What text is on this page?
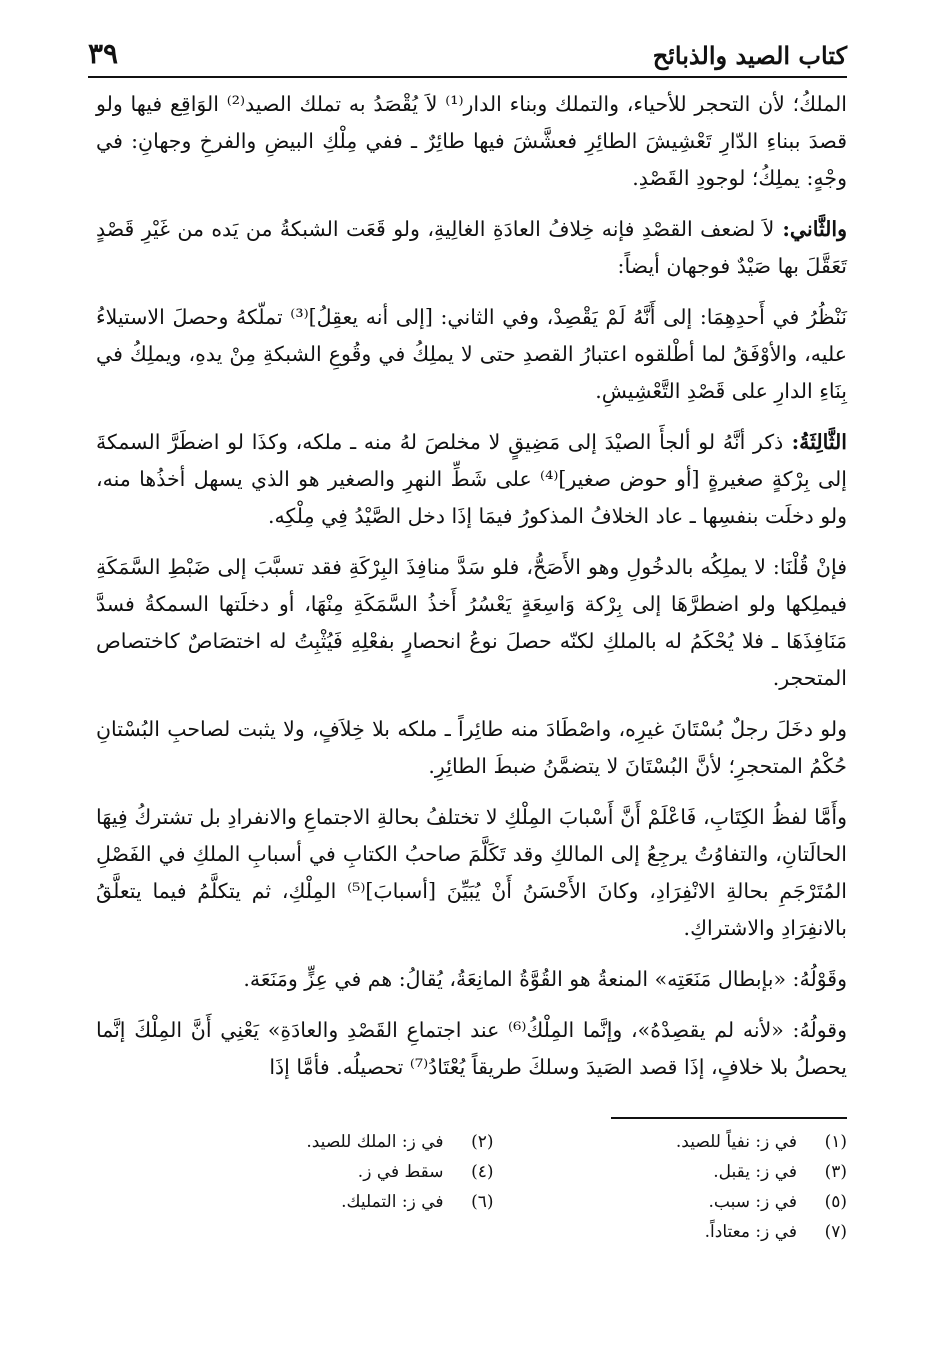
كتاب الصيد والذبائح
٣٩

الملكُ؛ لأن التحجر للأحياء، والتملك وبناء الدار⁽¹⁾ لاَ يُقْصَدُ به تملك الصيد⁽²⁾ الوَاقِع فيها ولو قصدَ ببناءِ الدّارِ تَعْشِيشَ الطائِرِ فعشَّشَ فيها طائِرٌ ـ ففي مِلْكِ البيضِ والفرخِ وجهانِ: في وجْهٍ: يملِكُ؛ لوجودِ القَصْدِ.

والثَّاني: لاَ لضعف القصْدِ فإنه خِلافُ العادَةِ الغالِيةِ، ولو قَعَت الشبكةُ من يَده من غَيْرِ قَصْدٍ تَعَقَّلَ بها صَيْدٌ فوجهان أيضاً:

نَنْظُرُ في أَحدِهِمَا: إلى أَنَّهُ لَمْ يَقْصِدْ، وفي الثاني: [إلى أنه يعقِلُ]⁽³⁾ تملّكهُ وحصلَ الاستيلاءُ عليه، والأوْفَقُ لما أطْلقوه اعتبارُ القصدِ حتى لا يملِكُ في وقُوعِ الشبكةِ مِنْ يدهِ، ويملِكُ في بِنَاءِ الدارِ على قَصْدِ التَّعْشِيشِ.

الثَّالِثَةُ: ذكر أنَّهُ لو ألجأَ الصيْدَ إلى مَضِيقٍ لا مخلصَ لهُ منه ـ ملكه، وكذَا لو اضطَرَّ السمكةَ إلى بِرْكةٍ صغيرةٍ [أو حوض صغير]⁽⁴⁾ على شَطِّ النهرِ والصغير هو الذي يسهل أخذُها منه، ولو دخلَت بنفسِها ـ عاد الخلافُ المذكورُ فيمَا إذَا دخل الصَّيْدُ فِي مِلْكِه.

فإنْ قُلْنَا: لا يملِكُه بالدخُولِ وهو الأَصَحُّ، فلو سَدَّ منافِذَ البِرْكَةِ فقد تسبَّبَ إلى ضَبْطِ السَّمَكَةِ فيملِكها ولو اضطرَّهَا إلى بِرْكة وَاسِعَةٍ يَعْسُرُ أَخذُ السَّمَكَةِ مِنْهَا، أو دخلَتها السمكةُ فسدَّ مَنَافِذَهَا ـ فلا يُحْكَمُ له بالملكِ لكنّه حصلَ نوعُ انحصارٍ بفعْلِهِ فَيُثْبِتُ له اختصَاصٌ كاختصاص المتحجر.

ولو دخَلَ رجلٌ بُسْتَانَ غيرِه، واصْطَادَ منه طائِراً ـ ملكه بلا خِلاَفٍ، ولا يثبت لصاحبِ البُسْتانِ حُكْمُ المتحجرِ؛ لأنَّ البُسْتَانَ لا يتضمَّنُ ضبطَ الطائِرِ.

وأَمَّا لفظُ الكِتَابِ، فَاعْلَمْ أَنَّ أَسْبابَ المِلْكِ لا تختلفُ بحالةِ الاجتماعِ والانفرادِ بل تشتركُ فِيهَا الحالَتانِ، والتفاوُتُ يرجِعُ إلى المالكِ وقد تَكَلَّمَ صاحبُ الكتابِ في أسبابِ الملكِ في الفَصْلِ المُتَرْجَمِ بحالةِ الانْفِرَادِ، وكانَ الأَحْسَنُ أَنْ يُبَيِّنَ [أسبابَ]⁽⁵⁾ المِلْكِ، ثم يتكلَّمُ فيما يتعلَّقُ بالانفِرَادِ والاشتراكِ.

وقَوْلُهُ: «بإبطال مَنَعَتِه» المنعةُ هو القُوَّةُ المانِعَةُ، يُقالُ: هم في عِزٍّ ومَنَعَة.

وقولُهُ: «لأنه لم يقصِدْهُ»، وإنَّما المِلْكُ⁽⁶⁾ عند اجتماعِ القَصْدِ والعادَةِ» يَعْنِي أَنَّ المِلْكَ إنَّما يحصلُ بلا خلافٍ، إذَا قصد الصَيدَ وسلكَ طريقاً يُعْتَادُ⁽⁷⁾ تحصيلُه. فأمَّا إذَا

(١)
في ز: نفياً للصيد.
(٢)
في ز: الملك للصيد.
(٣)
في ز: يقبل.
(٤)
سقط في ز.
(٥)
في ز: سبب.
(٦)
في ز: التمليك.
(٧)
في ز: معتاداً.
